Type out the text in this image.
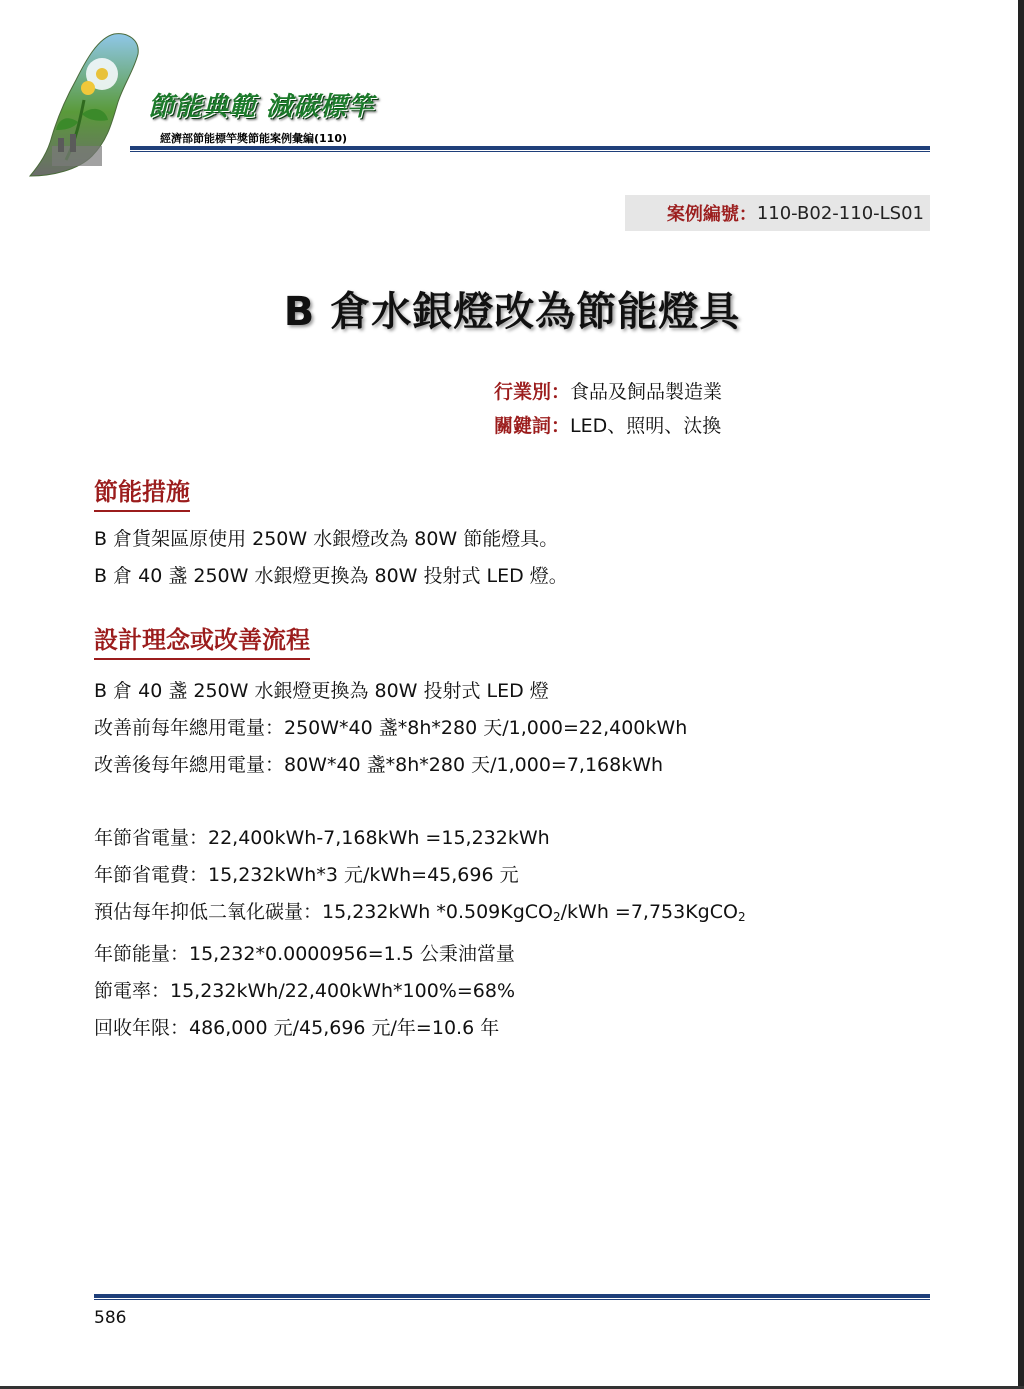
節能典範 減碳標竿
經濟部節能標竿獎節能案例彙編(110)
案例編號： 110-B02-110-LS01
B 倉水銀燈改為節能燈具
行業別：食品及飼品製造業
關鍵詞：LED、照明、汰換
節能措施
B 倉貨架區原使用 250W 水銀燈改為 80W 節能燈具。
B 倉 40 盞 250W 水銀燈更換為 80W 投射式 LED 燈。
設計理念或改善流程
B 倉 40 盞 250W 水銀燈更換為 80W 投射式 LED 燈
改善前每年總用電量：250W*40 盞*8h*280 天/1,000=22,400kWh
改善後每年總用電量：80W*40 盞*8h*280 天/1,000=7,168kWh
年節省電量：22,400kWh-7,168kWh =15,232kWh
年節省電費：15,232kWh*3 元/kWh=45,696 元
預估每年抑低二氧化碳量：15,232kWh *0.509KgCO$_2$/kWh =7,753KgCO$_2$
年節能量：15,232*0.0000956=1.5 公秉油當量
節電率：15,232kWh/22,400kWh*100%=68%
回收年限：486,000 元/45,696 元/年=10.6 年
586
